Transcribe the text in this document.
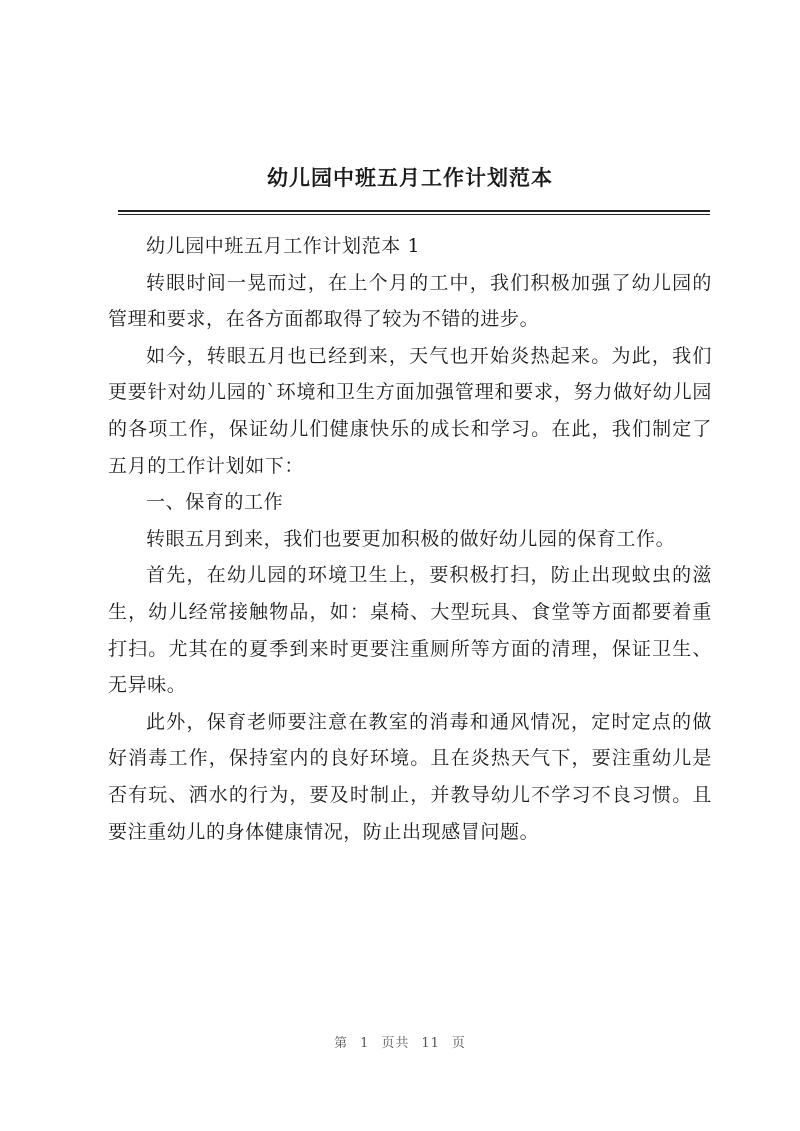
幼儿园中班五月工作计划范本

幼儿园中班五月工作计划范本 1

转眼时间一晃而过，在上个月的工中，我们积极加强了幼儿园的管理和要求，在各方面都取得了较为不错的进步。

如今，转眼五月也已经到来，天气也开始炎热起来。为此，我们更要针对幼儿园的`环境和卫生方面加强管理和要求，努力做好幼儿园的各项工作，保证幼儿们健康快乐的成长和学习。在此，我们制定了五月的工作计划如下：

一、保育的工作

转眼五月到来，我们也要更加积极的做好幼儿园的保育工作。

首先，在幼儿园的环境卫生上，要积极打扫，防止出现蚊虫的滋生，幼儿经常接触物品，如：桌椅、大型玩具、食堂等方面都要着重打扫。尤其在的夏季到来时更要注重厕所等方面的清理，保证卫生、无异味。

此外，保育老师要注意在教室的消毒和通风情况，定时定点的做好消毒工作，保持室内的良好环境。且在炎热天气下，要注重幼儿是否有玩、洒水的行为，要及时制止，并教导幼儿不学习不良习惯。且要注重幼儿的身体健康情况，防止出现感冒问题。

第 1 页共 11 页
